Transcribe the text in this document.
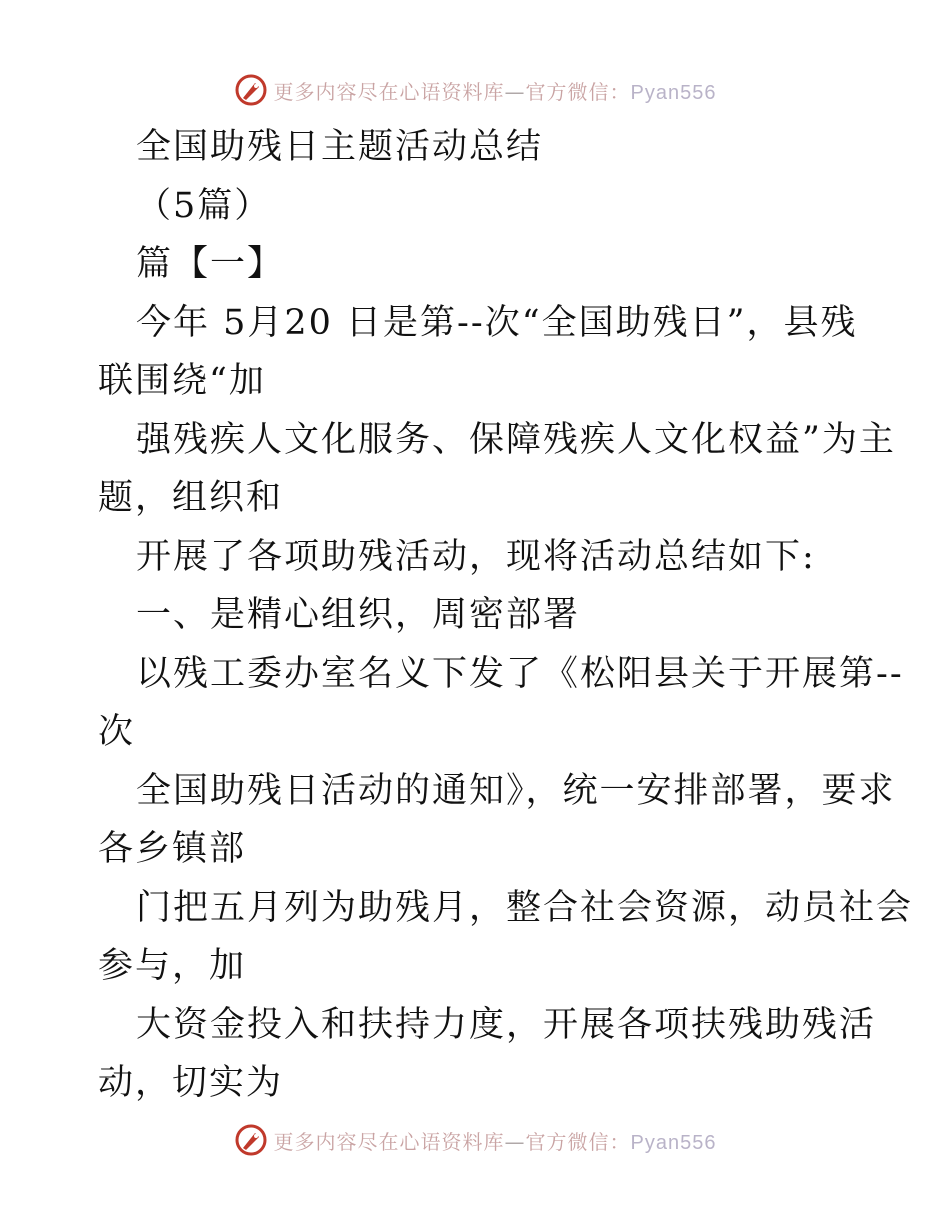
更多内容尽在心语资料库—官方微信：Pyan556
全国助残日主题活动总结
（5篇）
篇【一】
今年 5月20 日是第--次“全国助残日”，县残
联围绕“加
强残疾人文化服务、保障残疾人文化权益”为主
题，组织和
开展了各项助残活动，现将活动总结如下:
一、是精心组织，周密部署
以残工委办室名义下发了《松阳县关于开展第--
次
全国助残日活动的通知》，统一安排部署，要求
各乡镇部
门把五月列为助残月，整合社会资源，动员社会
参与，加
大资金投入和扶持力度，开展各项扶残助残活
动，切实为
更多内容尽在心语资料库—官方微信：Pyan556
